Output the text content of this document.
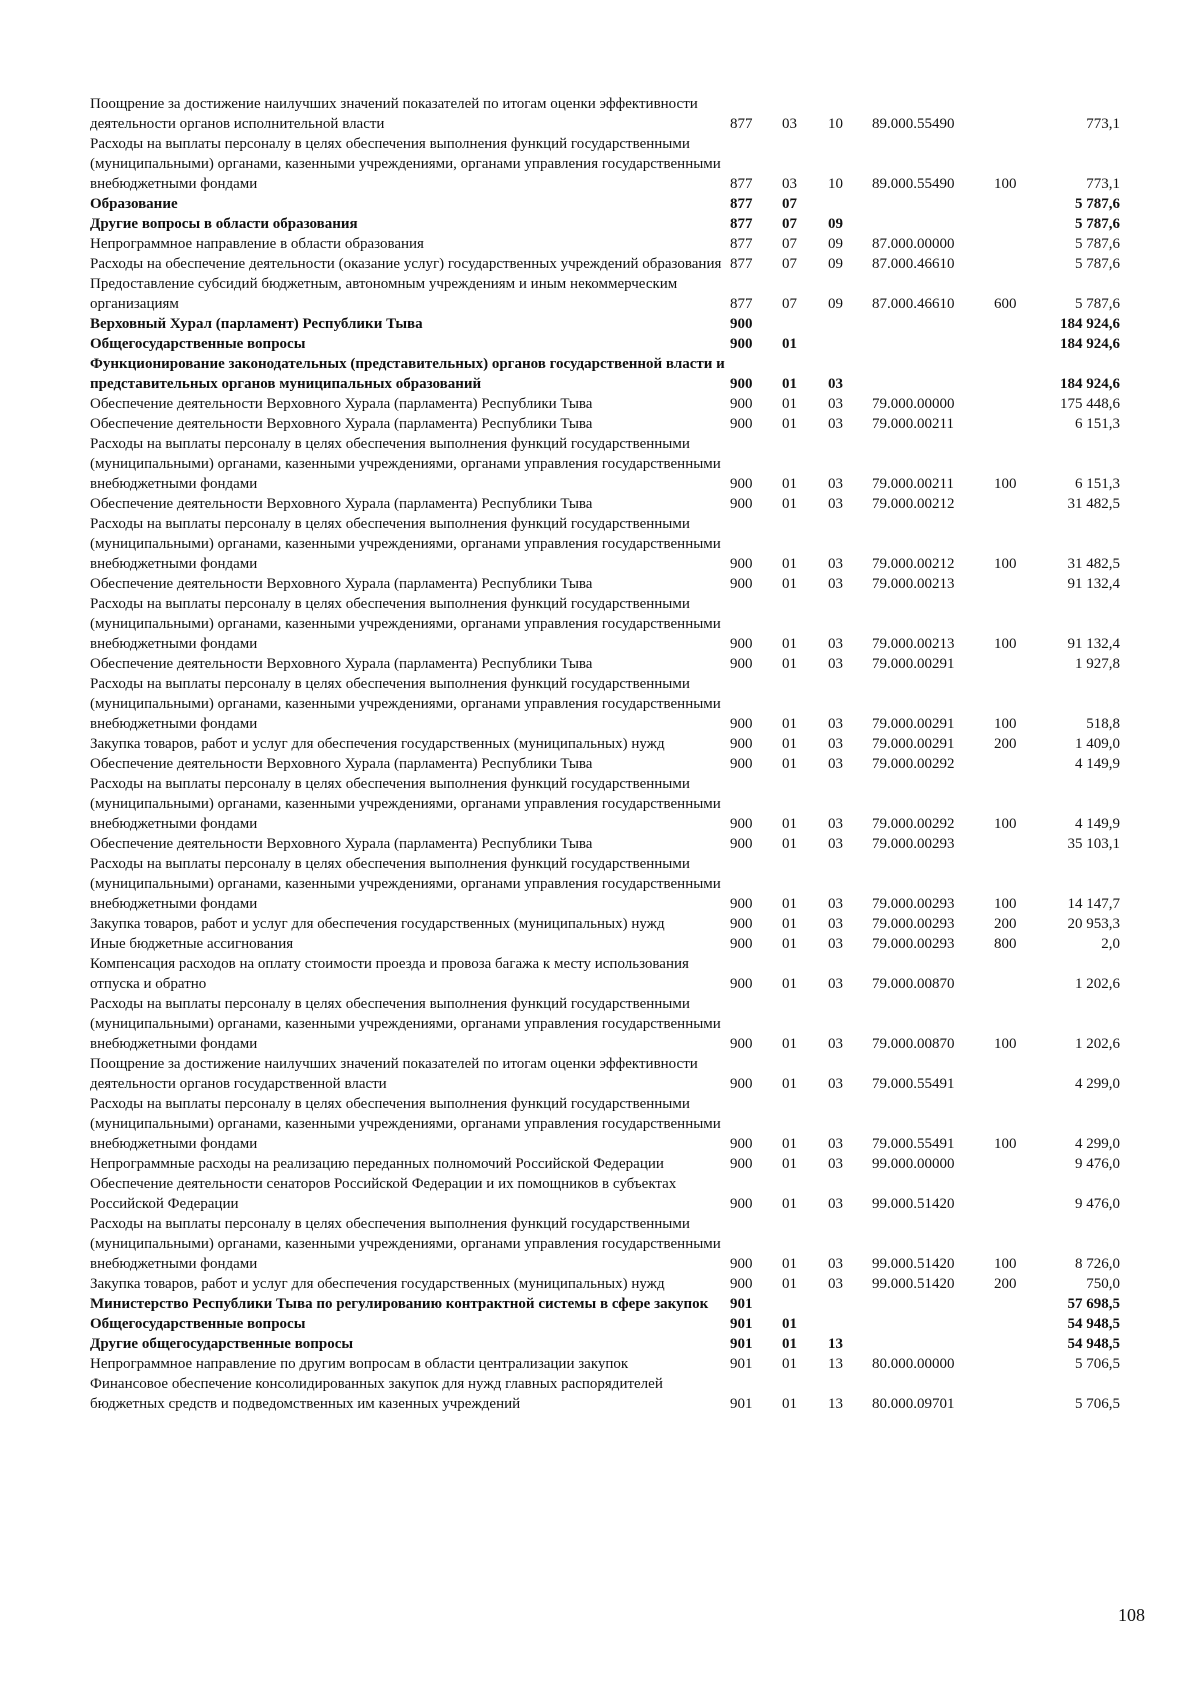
Поощрение за достижение наилучших значений показателей по итогам оценки эффективности деятельности органов исполнительной власти	877	03	10	89.000.55490		773,1
Расходы на выплаты персоналу в целях обеспечения выполнения функций государственными (муниципальными) органами, казенными учреждениями, органами управления государственными внебюджетными фондами	877	03	10	89.000.55490	100	773,1
Образование	877	07				5 787,6
Другие вопросы в области образования	877	07	09			5 787,6
Непрограммное направление в области образования	877	07	09	87.000.00000		5 787,6
Расходы на обеспечение деятельности (оказание услуг) государственных учреждений образования	877	07	09	87.000.46610		5 787,6
Предоставление субсидий бюджетным, автономным учреждениям и иным некоммерческим организациям	877	07	09	87.000.46610	600	5 787,6
Верховный Хурал (парламент) Республики Тыва	900					184 924,6
Общегосударственные вопросы	900	01				184 924,6
Функционирование законодательных (представительных) органов государственной власти и представительных органов муниципальных образований	900	01	03			184 924,6
Обеспечение деятельности Верховного Хурала (парламента) Республики Тыва	900	01	03	79.000.00000		175 448,6
Обеспечение деятельности Верховного Хурала (парламента) Республики Тыва	900	01	03	79.000.00211		6 151,3
Расходы на выплаты персоналу в целях обеспечения выполнения функций государственными (муниципальными) органами, казенными учреждениями, органами управления государственными внебюджетными фондами	900	01	03	79.000.00211	100	6 151,3
Обеспечение деятельности Верховного Хурала (парламента) Республики Тыва	900	01	03	79.000.00212		31 482,5
Расходы на выплаты персоналу в целях обеспечения выполнения функций государственными (муниципальными) органами, казенными учреждениями, органами управления государственными внебюджетными фондами	900	01	03	79.000.00212	100	31 482,5
Обеспечение деятельности Верховного Хурала (парламента) Республики Тыва	900	01	03	79.000.00213		91 132,4
Расходы на выплаты персоналу в целях обеспечения выполнения функций государственными (муниципальными) органами, казенными учреждениями, органами управления государственными внебюджетными фондами	900	01	03	79.000.00213	100	91 132,4
Обеспечение деятельности Верховного Хурала (парламента) Республики Тыва	900	01	03	79.000.00291		1 927,8
Расходы на выплаты персоналу в целях обеспечения выполнения функций государственными (муниципальными) органами, казенными учреждениями, органами управления государственными внебюджетными фондами	900	01	03	79.000.00291	100	518,8
Закупка товаров, работ и услуг для обеспечения государственных (муниципальных) нужд	900	01	03	79.000.00291	200	1 409,0
Обеспечение деятельности Верховного Хурала (парламента) Республики Тыва	900	01	03	79.000.00292		4 149,9
Расходы на выплаты персоналу в целях обеспечения выполнения функций государственными (муниципальными) органами, казенными учреждениями, органами управления государственными внебюджетными фондами	900	01	03	79.000.00292	100	4 149,9
Обеспечение деятельности Верховного Хурала (парламента) Республики Тыва	900	01	03	79.000.00293		35 103,1
Расходы на выплаты персоналу в целях обеспечения выполнения функций государственными (муниципальными) органами, казенными учреждениями, органами управления государственными внебюджетными фондами	900	01	03	79.000.00293	100	14 147,7
Закупка товаров, работ и услуг для обеспечения государственных (муниципальных) нужд	900	01	03	79.000.00293	200	20 953,3
Иные бюджетные ассигнования	900	01	03	79.000.00293	800	2,0
Компенсация расходов на оплату стоимости проезда и провоза багажа к месту использования отпуска и обратно	900	01	03	79.000.00870		1 202,6
Расходы на выплаты персоналу в целях обеспечения выполнения функций государственными (муниципальными) органами, казенными учреждениями, органами управления государственными внебюджетными фондами	900	01	03	79.000.00870	100	1 202,6
Поощрение за достижение наилучших значений показателей по итогам оценки эффективности деятельности органов государственной власти	900	01	03	79.000.55491		4 299,0
Расходы на выплаты персоналу в целях обеспечения выполнения функций государственными (муниципальными) органами, казенными учреждениями, органами управления государственными внебюджетными фондами	900	01	03	79.000.55491	100	4 299,0
Непрограммные расходы на реализацию переданных полномочий Российской Федерации	900	01	03	99.000.00000		9 476,0
Обеспечение деятельности сенаторов Российской Федерации и их помощников в субъектах Российской Федерации	900	01	03	99.000.51420		9 476,0
Расходы на выплаты персоналу в целях обеспечения выполнения функций государственными (муниципальными) органами, казенными учреждениями, органами управления государственными внебюджетными фондами	900	01	03	99.000.51420	100	8 726,0
Закупка товаров, работ и услуг для обеспечения государственных (муниципальных) нужд	900	01	03	99.000.51420	200	750,0
Министерство Республики Тыва по регулированию контрактной системы в сфере закупок	901					57 698,5
Общегосударственные вопросы	901	01				54 948,5
Другие общегосударственные вопросы	901	01	13			54 948,5
Непрограммное направление по другим вопросам в области централизации закупок	901	01	13	80.000.00000		5 706,5
Финансовое обеспечение консолидированных закупок для нужд главных распорядителей бюджетных средств и подведомственных им казенных учреждений	901	01	13	80.000.09701		5 706,5
108
